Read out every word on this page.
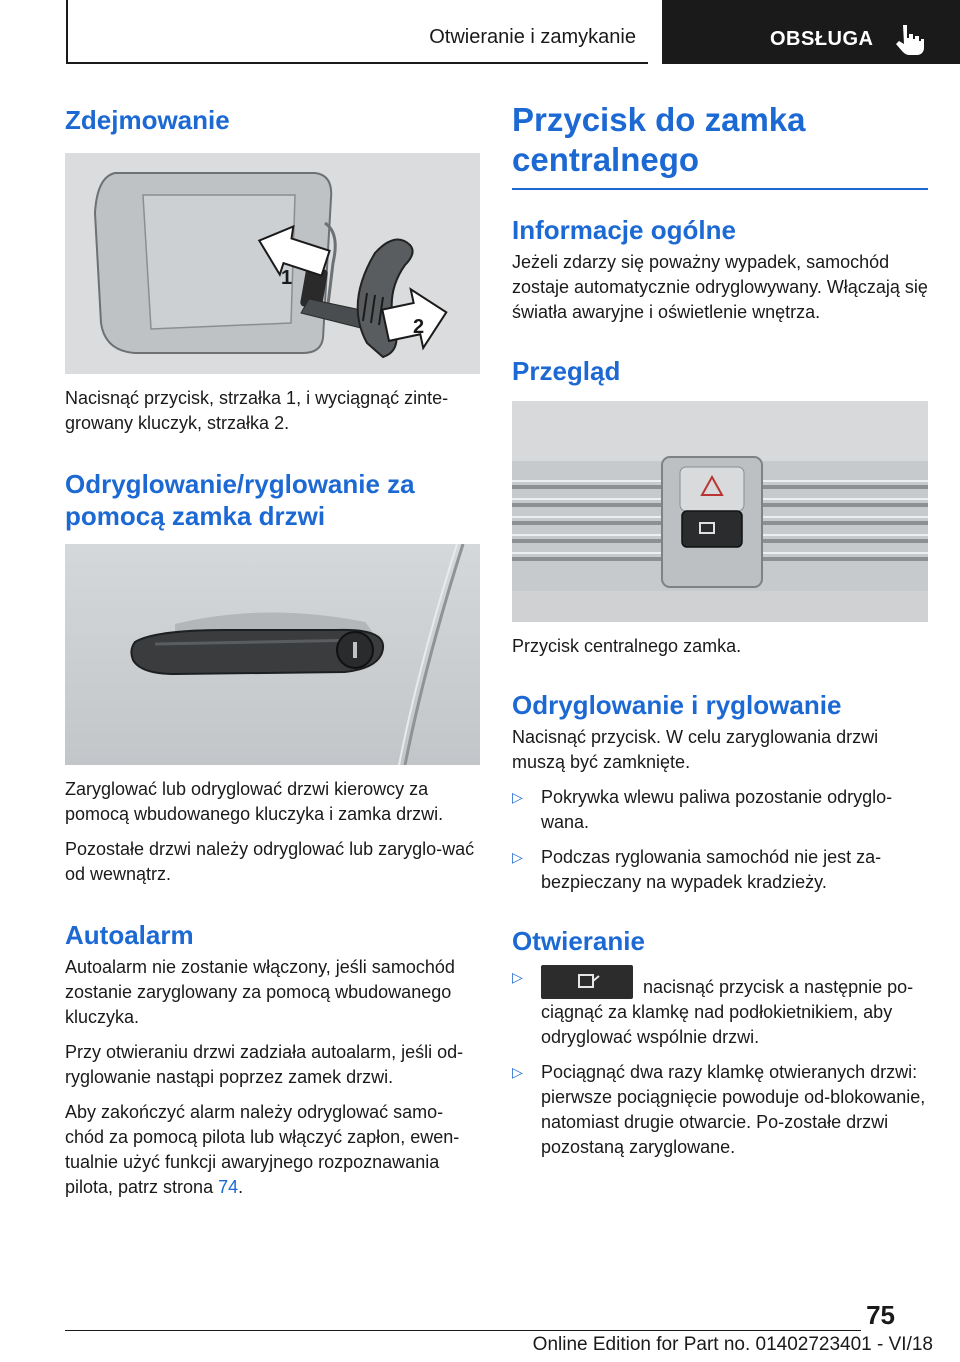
Otwieranie i zamykanie	OBSŁUGA
Zdejmowanie
1
2

Nacisnąć przycisk, strzałka 1, i wyciągnąć zinte‐growany kluczyk, strzałka 2.

Odryglowanie/ryglowanie za pomocą zamka drzwi

Zaryglować lub odryglować drzwi kierowcy za pomocą wbudowanego kluczyka i zamka drzwi.

Pozostałe drzwi należy odryglować lub zaryglo‐wać od wewnątrz.

Autoalarm

Autoalarm nie zostanie włączony, jeśli samochód zostanie zaryglowany za pomocą wbudowanego kluczyka.

Przy otwieraniu drzwi zadziała autoalarm, jeśli od‐ryglowanie nastąpi poprzez zamek drzwi.

Aby zakończyć alarm należy odryglować samo‐chód za pomocą pilota lub włączyć zapłon, ewen‐tualnie użyć funkcji awaryjnego rozpoznawania pilota, patrz strona 74.

Przycisk do zamka centralnego
Informacje ogólne

Jeżeli zdarzy się poważny wypadek, samochód zostaje automatycznie odryglowywany. Włączają się światła awaryjne i oświetlenie wnętrza.

Przegląd

Przycisk centralnego zamka.

Odryglowanie i ryglowanie

Nacisnąć przycisk. W celu zaryglowania drzwi muszą być zamknięte.

▷ Pokrywka wlewu paliwa pozostanie odryglo‐wana.
▷ Podczas ryglowania samochód nie jest za‐bezpieczany na wypadek kradzieży.
Otwieranie
▷	nacisnąć przycisk a następnie po‐ciągnąć za klamkę nad podłokietnikiem, aby odryglować wspólnie drzwi.
▷ Pociągnąć dwa razy klamkę otwieranych drzwi: pierwsze pociągnięcie powoduje od‐blokowanie, natomiast drugie otwarcie. Po‐zostałe drzwi pozostaną zaryglowane.
75
Online Edition for Part no. 01402723401 - VI/18
